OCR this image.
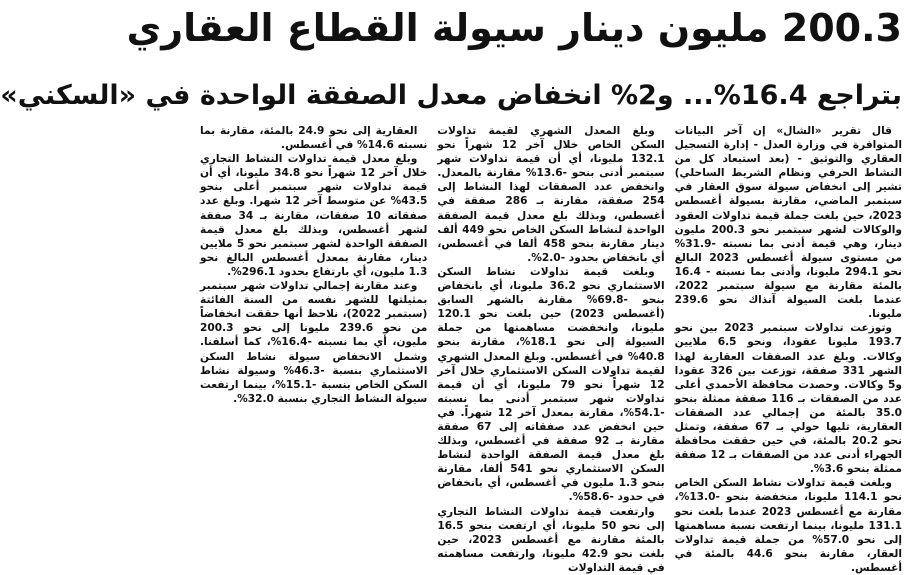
200.3 مليون دينار سيولة القطاع العقاري
بتراجع 16.4%... و2% انخفاض معدل الصفقة الواحدة في «السكني»

قال تقرير «الشال» إن آخر البيانات المتوافرة في وزارة العدل - إدارة التسجيل العقاري والتوثيق - (بعد استبعاد كل من النشاط الحرفي ونظام الشريط الساحلي) تشير إلى انخفاض سيولة سوق العقار في سبتمبر الماضي، مقارنة بسيولة أغسطس 2023، حين بلغت جملة قيمة تداولات العقود والوكالات لشهر سبتمبر نحو 200.3 مليون دينار، وهي قيمة أدنى بما نسبته -31.9% من مستوى سيولة أغسطس 2023 البالغ نحو 294.1 مليونا، وأدنى بما نسبته - 16.4 بالمئة مقارنة مع سيولة سبتمبر 2022، عندما بلغت السيولة آنذاك نحو 239.6 مليونا.

وتوزعت تداولات سبتمبر 2023 بين نحو 193.7 مليونا عقودا، ونحو 6.5 ملايين وكالات. وبلغ عدد الصفقات العقارية لهذا الشهر 331 صفقة، توزعت بين 326 عقودا و5 وكالات. وحصدت محافظة الأحمدي أعلى عدد من الصفقات بـ 116 صفقة ممثلة بنحو 35.0 بالمئة من إجمالي عدد الصفقات العقارية، تليها حولي بـ 67 صفقة، وتمثل نحو 20.2 بالمئة، في حين حققت محافظة الجهراء أدنى عدد من الصفقات بـ 12 صفقة ممثلة بنحو 3.6%.

وبلغت قيمة تداولات نشاط السكن الخاص نحو 114.1 مليونا، منخفضة بنحو -13.0%، مقارنة مع أغسطس 2023 عندما بلغت نحو 131.1 مليونا، بينما ارتفعت نسبة مساهمتها إلى نحو 57.0% من جملة قيمة تداولات العقار، مقارنة بنحو 44.6 بالمئة في أغسطس.

وبلغ المعدل الشهري لقيمة تداولات السكن الخاص خلال آخر 12 شهراً نحو 132.1 مليونا، أي أن قيمة تداولات شهر سبتمبر أدنى بنحو -13.6% مقارنة بالمعدل. وانخفض عدد الصفقات لهذا النشاط إلى 254 صفقة، مقارنة بـ 286 صفقة في أغسطس، وبذلك بلغ معدل قيمة الصفقة الواحدة لنشاط السكن الخاص نحو 449 ألف دينار مقارنة بنحو 458 ألفا في أغسطس، أي بانخفاض بحدود -2.0%.

وبلغت قيمة تداولات نشاط السكن الاستثماري نحو 36.2 مليونا، أي بانخفاض بنحو -69.8% مقارنة بالشهر السابق (أغسطس 2023) حين بلغت نحو 120.1 مليونا، وانخفضت مساهمتها من جملة السيولة إلى نحو 18.1%، مقارنة بنحو 40.8% في أغسطس. وبلغ المعدل الشهري لقيمة تداولات السكن الاستثماري خلال آخر 12 شهراً نحو 79 مليونا، أي أن قيمة تداولات شهر سبتمبر أدنى بما نسبته -54.1%، مقارنة بمعدل آخر 12 شهراً. في حين انخفض عدد صفقاته إلى 67 صفقة مقارنة بـ 92 صفقة في أغسطس، وبذلك بلغ معدل قيمة الصفقة الواحدة لنشاط السكن الاستثماري نحو 541 ألفا، مقارنة بنحو 1.3 مليون في أغسطس، أي بانخفاض في حدود -58.6%.

وارتفعت قيمة تداولات النشاط التجاري إلى نحو 50 مليونا، أي ارتفعت بنحو 16.5 بالمئة مقارنة مع أغسطس 2023، حين بلغت نحو 42.9 مليونا، وارتفعت مساهمته في قيمة التداولات

العقارية إلى نحو 24.9 بالمئة، مقارنة بما نسبته 14.6% في أغسطس.

وبلغ معدل قيمة تداولات النشاط التجاري خلال آخر 12 شهراً نحو 34.8 مليونا، أي أن قيمة تداولات شهر سبتمبر أعلى بنحو 43.5% عن متوسط آخر 12 شهرا. وبلغ عدد صفقاته 10 صفقات، مقارنة بـ 34 صفقة لشهر أغسطس، وبذلك بلغ معدل قيمة الصفقة الواحدة لشهر سبتمبر نحو 5 ملايين دينار، مقارنة بمعدل أغسطس البالغ نحو 1.3 مليون، أي بارتفاع بحدود 296.1%.

وعند مقارنة إجمالي تداولات شهر سبتمبر بمثيلتها للشهر نفسه من السنة الفائتة (سبتمبر 2022)، نلاحظ أنها حققت انخفاضاً من نحو 239.6 مليونا إلى نحو 200.3 مليون، أي بما نسبته -16.4%، كما أسلفنا. وشمل الانخفاض سيولة نشاط السكن الاستثماري بنسبة -46.3% وسيولة نشاط السكن الخاص بنسبة -15.1%، بينما ارتفعت سيولة النشاط التجاري بنسبة 32.0%.
